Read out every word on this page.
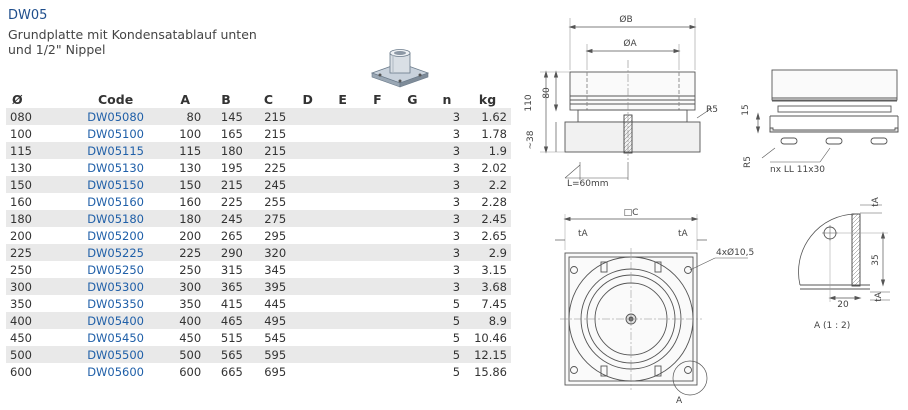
DW05
Grundplatte mit Kondensatablauf unten und 1/2" Nippel
Ø	Code	A	B	C	D	E	F	G	n	kg
080	DW05080	80	145	215					3	1.62
100	DW05100	100	165	215					3	1.78
115	DW05115	115	180	215					3	1.9
130	DW05130	130	195	225					3	2.02
150	DW05150	150	215	245					3	2.2
160	DW05160	160	225	255					3	2.28
180	DW05180	180	245	275					3	2.45
200	DW05200	200	265	295					3	2.65
225	DW05225	225	290	320					3	2.9
250	DW05250	250	315	345					3	3.15
300	DW05300	300	365	395					3	3.68
350	DW05350	350	415	445					5	7.45
400	DW05400	400	465	495					5	8.9
450	DW05450	450	515	545					5	10.46
500	DW05500	500	565	595					5	12.15
600	DW05600	600	665	695					5	15.86
ØB
ØA
110
80
~38
R5
L=60mm
15
R5
nx LL 11x30
□C
tA	tA
4xØ10,5
A
tA
35
20
tA
A (1 : 2)
